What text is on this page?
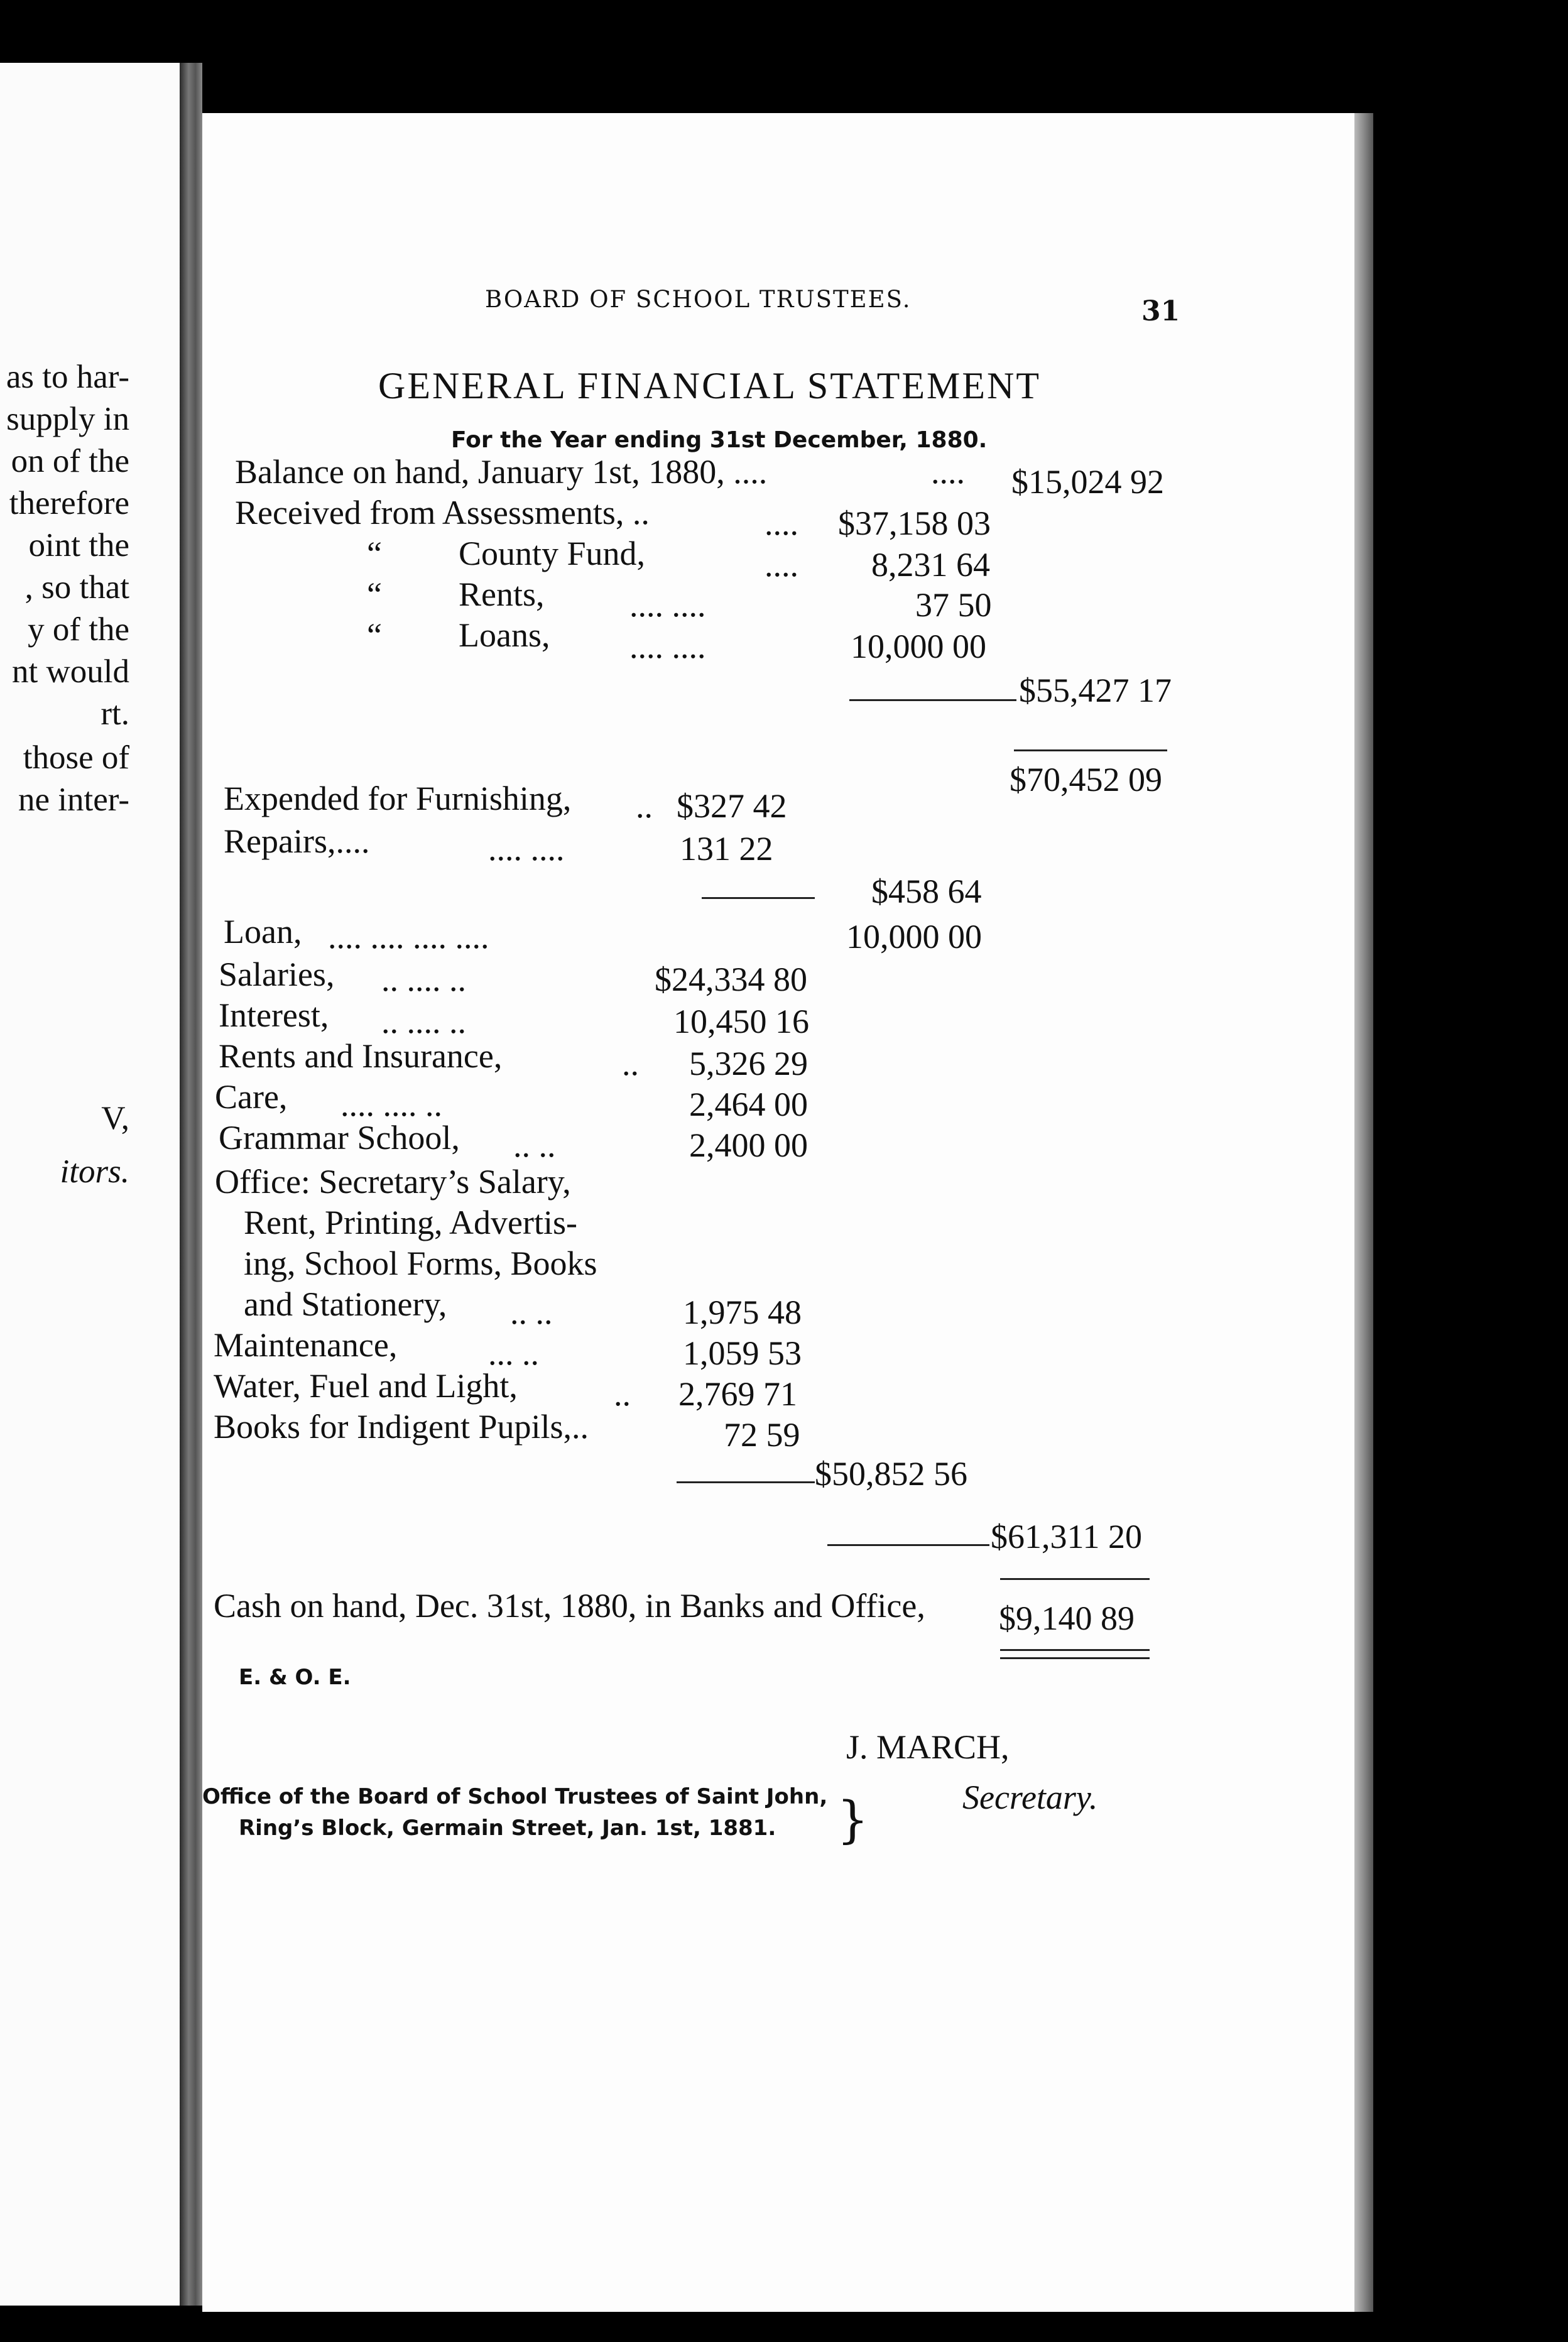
as to har-
supply in
on of the
therefore
oint the
, so that
y of the
nt would
rt.
those of
ne inter-
V,
itors.
BOARD OF SCHOOL TRUSTEES.	31
GENERAL FINANCIAL STATEMENT
For the Year ending 31st December, 1880.
Balance on hand, January 1st, 1880, ....	.... $15,024 92
Received from Assessments, ..	.... $37,158 03
“ County Fund,	.... 8,231 64
“ Rents,	.... ....	37 50
“ Loans, .... ....	10,000 00
$55,427 17
$70,452 09
Expended for Furnishing, .. $327 42
Repairs,....	.... ....	131 22
$458 64
Loan, .... .... .... ....	10,000 00
Salaries, .. .... ..	$24,334 80
Interest, .. .... ..	10,450 16
Rents and Insurance,	.. 5,326 29
Care, .... .... ..	2,464 00
Grammar School, .. ..	2,400 00
Office: Secretary’s Salary,
Rent, Printing, Advertis-
ing, School Forms, Books
and Stationery, .. ..	1,975 48
Maintenance,	... ..	1,059 53
Water, Fuel and Light,	.. 2,769 71
Books for Indigent Pupils,..	72 59
$50,852 56
$61,311 20
Cash on hand, Dec. 31st, 1880, in Banks and Office, $9,140 89
E. & O. E.
J. MARCH,
Secretary.
Office of the Board of School Trustees of Saint John,
Ring’s Block, Germain Street, Jan. 1st, 1881. }
